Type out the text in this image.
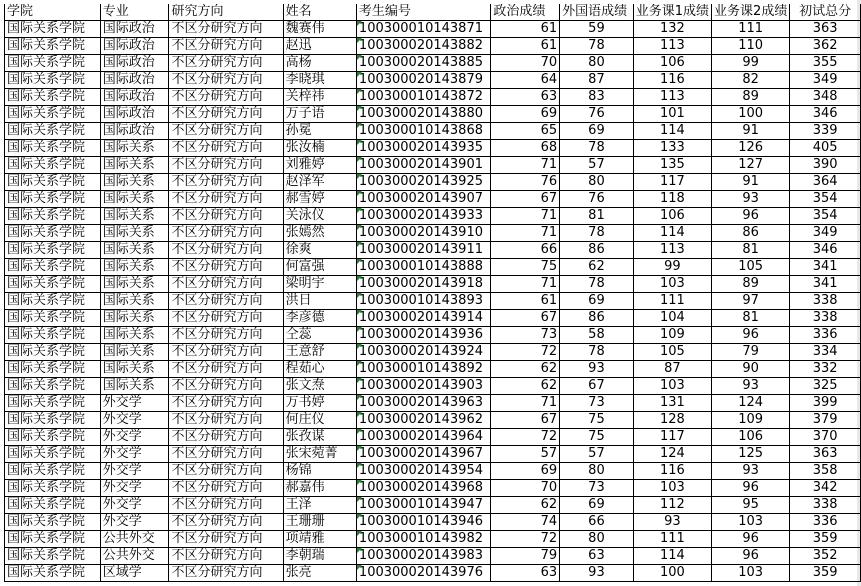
学院	专业	研究方向	姓名	考生编号	政治成绩	外国语成绩	业务课1成绩	业务课2成绩	初试总分
国际关系学院	国际政治	不区分研究方向	魏赛伟	10030001014387​1	61	59	132	111	363
国际关系学院	国际政治	不区分研究方向	赵迅	100300020143882	61	78	113	110	362
国际关系学院	国际政治	不区分研究方向	高杨	100300020143885	70	80	106	99	355
国际关系学院	国际政治	不区分研究方向	李晓琪	100300020143879	64	87	116	82	349
国际关系学院	国际政治	不区分研究方向	关梓祎	100300010143872	63	83	113	89	348
国际关系学院	国际政治	不区分研究方向	万子语	100300020143880	69	76	101	100	346
国际关系学院	国际政治	不区分研究方向	孙冕	100300010143868	65	69	114	91	339
国际关系学院	国际关系	不区分研究方向	张汝楠	100300020143935	68	78	133	126	405
国际关系学院	国际关系	不区分研究方向	刘雅婷	100300020143901	71	57	135	127	390
国际关系学院	国际关系	不区分研究方向	赵泽军	100300020143925	76	80	117	91	364
国际关系学院	国际关系	不区分研究方向	郝雪婷	100300020143907	67	76	118	93	354
国际关系学院	国际关系	不区分研究方向	关泳仪	100300020143933	71	81	106	96	354
国际关系学院	国际关系	不区分研究方向	张嫣然	100300020143910	71	78	114	86	349
国际关系学院	国际关系	不区分研究方向	徐爽	100300020143911	66	86	113	81	346
国际关系学院	国际关系	不区分研究方向	何富强	100300010143888	75	62	99	105	341
国际关系学院	国际关系	不区分研究方向	梁明宇	100300020143918	71	78	103	89	341
国际关系学院	国际关系	不区分研究方向	洪日	100300010143893	61	69	111	97	338
国际关系学院	国际关系	不区分研究方向	李彦德	100300020143914	67	86	104	81	338
国际关系学院	国际关系	不区分研究方向	仝蕊	100300020143936	73	58	109	96	336
国际关系学院	国际关系	不区分研究方向	王意舒	100300020143924	72	78	105	79	334
国际关系学院	国际关系	不区分研究方向	程茹心	100300010143892	62	93	87	90	332
国际关系学院	国际关系	不区分研究方向	张文焘	100300020143903	62	67	103	93	325
国际关系学院	外交学	不区分研究方向	万书婷	100300020143963	71	73	131	124	399
国际关系学院	外交学	不区分研究方向	何庄仪	100300020143962	67	75	128	109	379
国际关系学院	外交学	不区分研究方向	张孜谋	100300020143964	72	75	117	106	370
国际关系学院	外交学	不区分研究方向	张宋菀菁	100300020143967	57	57	124	125	363
国际关系学院	外交学	不区分研究方向	杨锦	100300020143954	69	80	116	93	358
国际关系学院	外交学	不区分研究方向	郝嘉伟	100300020143968	70	73	103	96	342
国际关系学院	外交学	不区分研究方向	王泽	100300010143947	62	69	112	95	338
国际关系学院	外交学	不区分研究方向	王珊珊	100300010143946	74	66	93	103	336
国际关系学院	公共外交	不区分研究方向	项靖雅	100300010143982	72	80	111	96	359
国际关系学院	公共外交	不区分研究方向	李朝瑞	100300020143983	79	63	114	96	352
国际关系学院	区域学	不区分研究方向	张亮	100300020143976	63	93	100	103	359
